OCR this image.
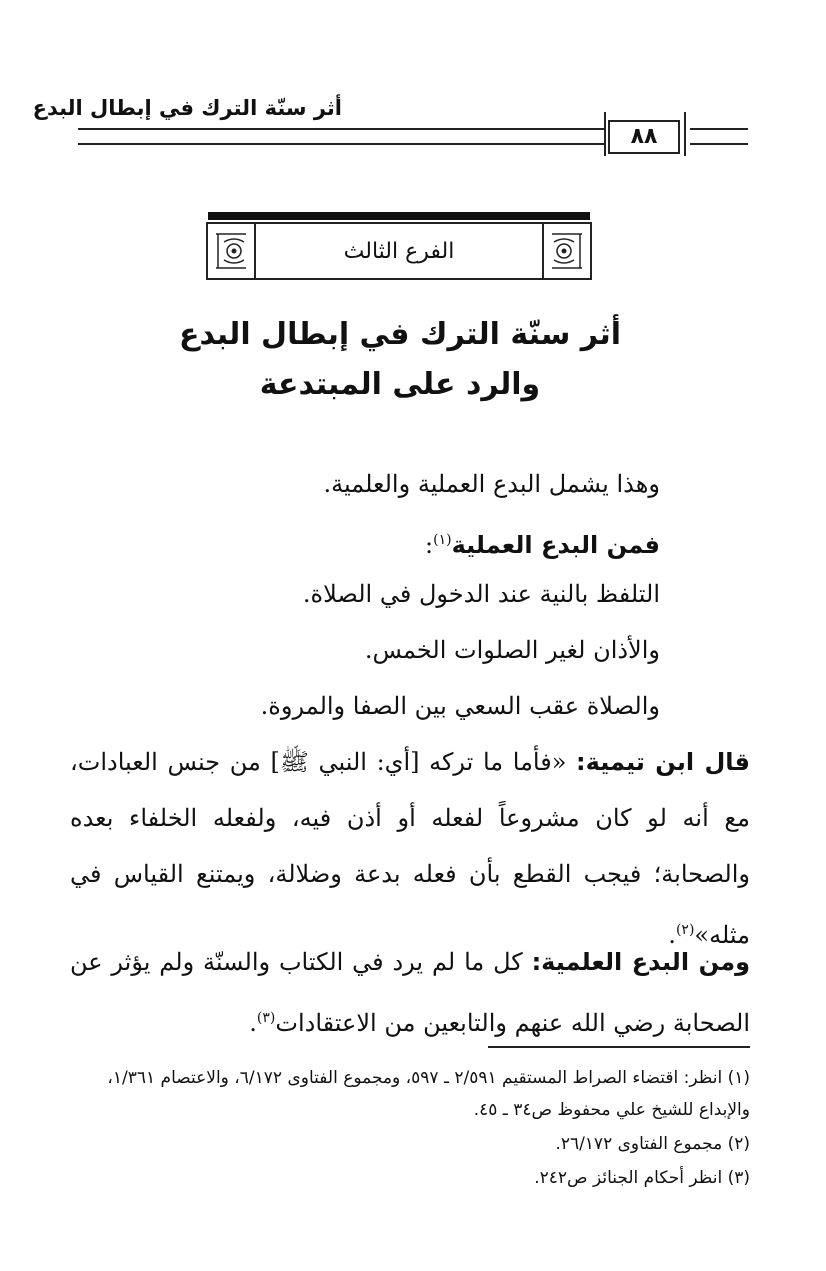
أثر سنّة الترك في إبطال البدع
٨٨
الفرع الثالث
أثر سنّة الترك في إبطال البدع
والرد على المبتدعة
وهذا يشمل البدع العملية والعلمية.
فمن البدع العملية$^{(١)}$:
التلفظ بالنية عند الدخول في الصلاة.
والأذان لغير الصلوات الخمس.
والصلاة عقب السعي بين الصفا والمروة.
قال ابن تيمية: «فأما ما تركه [أي: النبي ﷺ] من جنس العبادات، مع أنه لو كان مشروعاً لفعله أو أذن فيه، ولفعله الخلفاء بعده والصحابة؛ فيجب القطع بأن فعله بدعة وضلالة، ويمتنع القياس في مثله»$^{(٢)}$.
ومن البدع العلمية: كل ما لم يرد في الكتاب والسنّة ولم يؤثر عن الصحابة رضي الله عنهم والتابعين من الاعتقادات$^{(٣)}$.
(١) انظر: اقتضاء الصراط المستقيم ٢/٥٩١ ـ ٥٩٧، ومجموع الفتاوى ٦/١٧٢، والاعتصام ١/٣٦١، والإبداع للشيخ علي محفوظ ص٣٤ ـ ٤٥.
(٢) مجموع الفتاوى ٢٦/١٧٢.
(٣) انظر أحكام الجنائز ص٢٤٢.
